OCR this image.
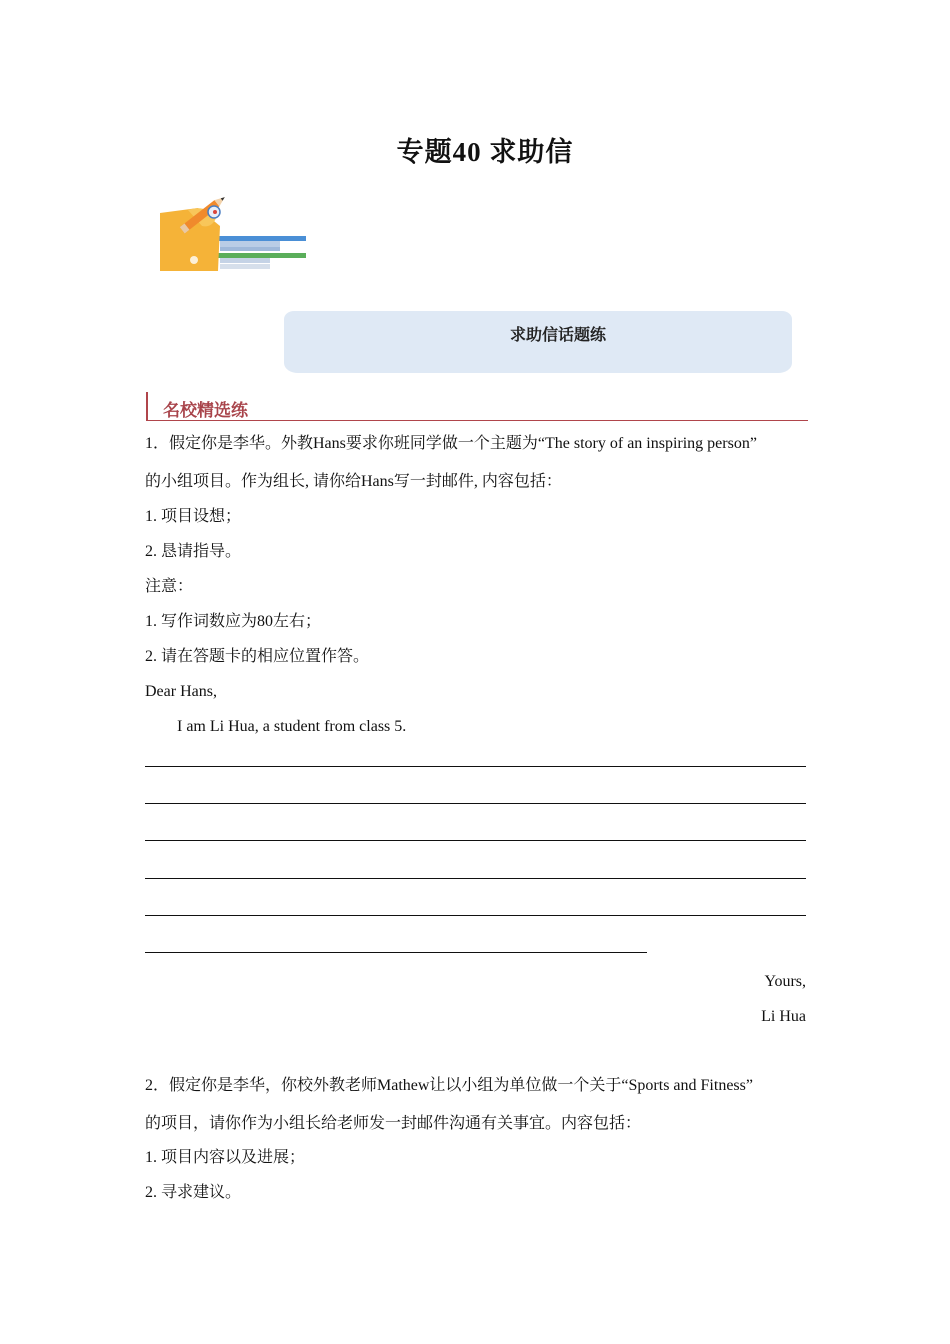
专题40 求助信
求助信话题练
名校精选练
1．假定你是李华。外教Hans要求你班同学做一个主题为“The story of an inspiring person”
的小组项目。作为组长, 请你给Hans写一封邮件, 内容包括：
1. 项目设想；
2. 恳请指导。
注意：
1. 写作词数应为80左右；
2. 请在答题卡的相应位置作答。
Dear Hans,
I am Li Hua, a student from class 5.
Yours,
Li Hua
2．假定你是李华，你校外教老师Mathew让以小组为单位做一个关于“Sports and Fitness”
的项目，请你作为小组长给老师发一封邮件沟通有关事宜。内容包括：
1. 项目内容以及进展；
2. 寻求建议。
